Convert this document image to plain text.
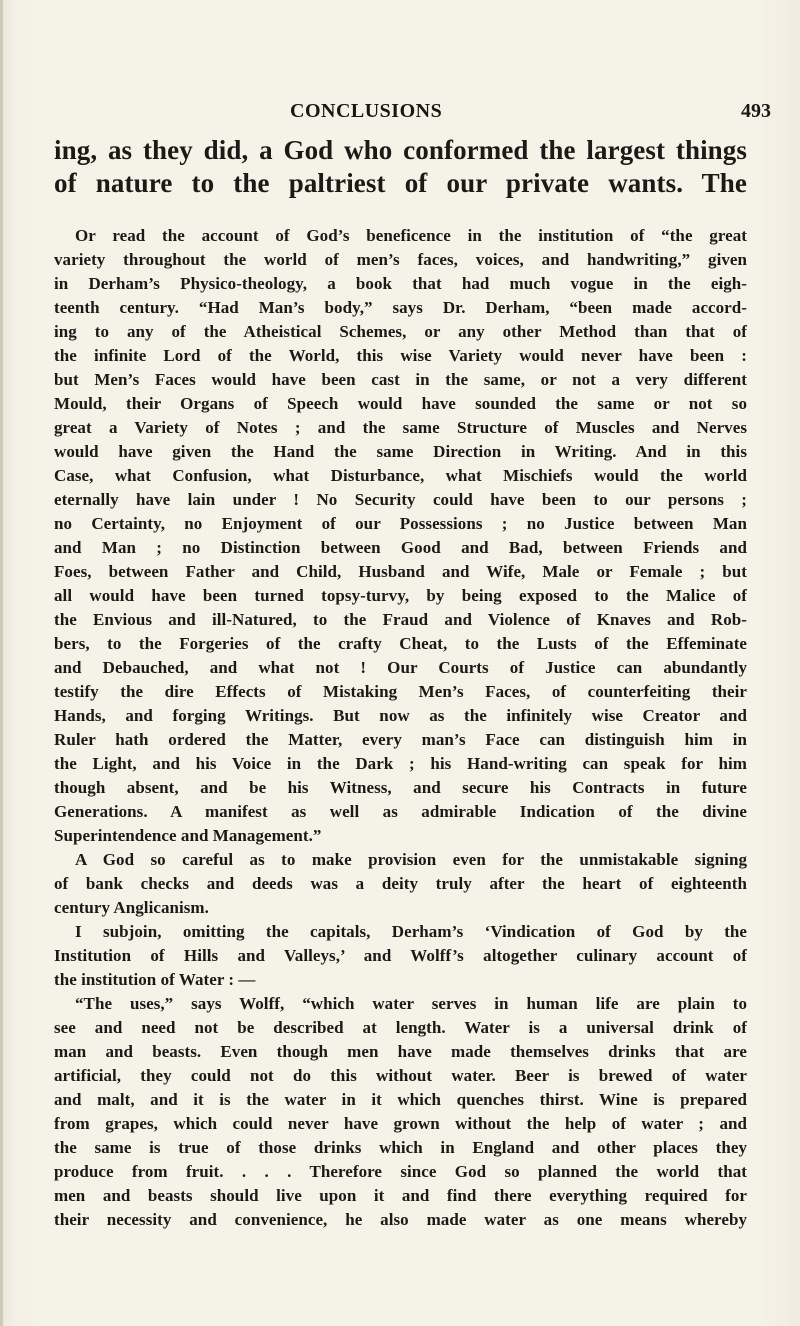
CONCLUSIONS	493
ing, as they did, a God who conformed the largest things
of nature to the paltriest of our private wants. The
Or read the account of God’s beneficence in the institution of “the great
variety throughout the world of men’s faces, voices, and handwriting,” given
in Derham’s Physico-theology, a book that had much vogue in the eigh-
teenth century. “Had Man’s body,” says Dr. Derham, “been made accord-
ing to any of the Atheistical Schemes, or any other Method than that of
the infinite Lord of the World, this wise Variety would never have been :
but Men’s Faces would have been cast in the same, or not a very different
Mould, their Organs of Speech would have sounded the same or not so
great a Variety of Notes ; and the same Structure of Muscles and Nerves
would have given the Hand the same Direction in Writing. And in this
Case, what Confusion, what Disturbance, what Mischiefs would the world
eternally have lain under ! No Security could have been to our persons ;
no Certainty, no Enjoyment of our Possessions ; no Justice between Man
and Man ; no Distinction between Good and Bad, between Friends and
Foes, between Father and Child, Husband and Wife, Male or Female ; but
all would have been turned topsy-turvy, by being exposed to the Malice of
the Envious and ill-Natured, to the Fraud and Violence of Knaves and Rob-
bers, to the Forgeries of the crafty Cheat, to the Lusts of the Effeminate
and Debauched, and what not ! Our Courts of Justice can abundantly
testify the dire Effects of Mistaking Men’s Faces, of counterfeiting their
Hands, and forging Writings. But now as the infinitely wise Creator and
Ruler hath ordered the Matter, every man’s Face can distinguish him in
the Light, and his Voice in the Dark ; his Hand-writing can speak for him
though absent, and be his Witness, and secure his Contracts in future
Generations. A manifest as well as admirable Indication of the divine
Superintendence and Management.”
A God so careful as to make provision even for the unmistakable signing
of bank checks and deeds was a deity truly after the heart of eighteenth
century Anglicanism.
I subjoin, omitting the capitals, Derham’s ‘Vindication of God by the
Institution of Hills and Valleys,’ and Wolff’s altogether culinary account of
the institution of Water : —
“The uses,” says Wolff, “which water serves in human life are plain to
see and need not be described at length. Water is a universal drink of
man and beasts. Even though men have made themselves drinks that are
artificial, they could not do this without water. Beer is brewed of water
and malt, and it is the water in it which quenches thirst. Wine is prepared
from grapes, which could never have grown without the help of water ; and
the same is true of those drinks which in England and other places they
produce from fruit. . . . Therefore since God so planned the world that
men and beasts should live upon it and find there everything required for
their necessity and convenience, he also made water as one means whereby
